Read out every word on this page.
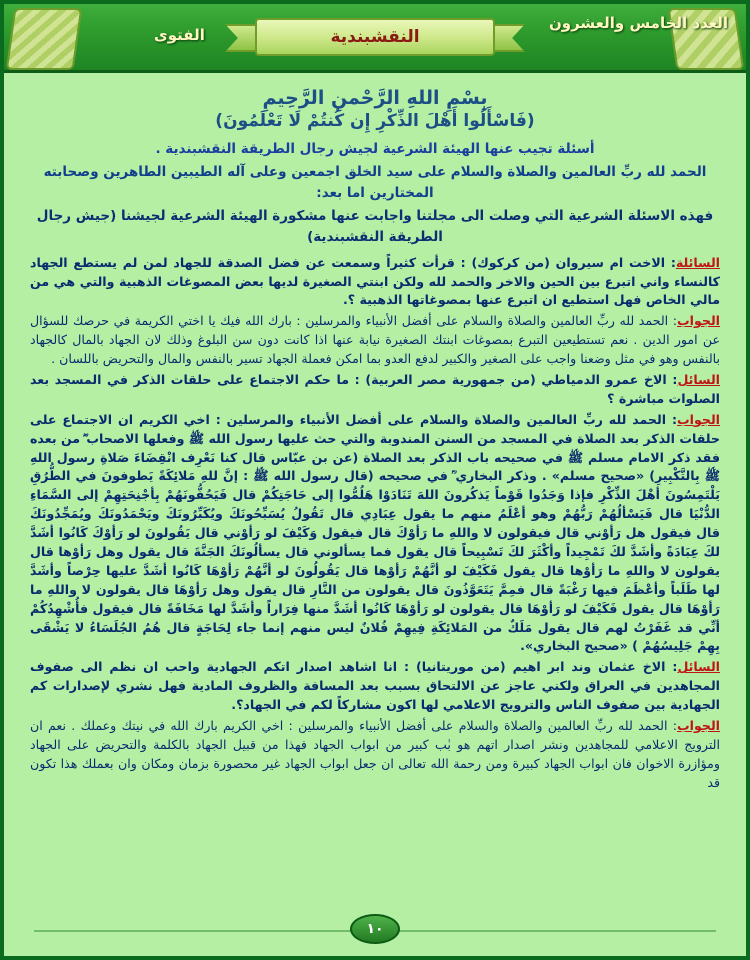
العدد الخامس والعشرون
الفتوى	النقشبندية
بِسْمِ اللهِ الرَّحْمنِ الرَّحِيمِ
(فَاسْأَلُوا أَهْلَ الذِّكْرِ إِن كُنتُمْ لَا تَعْلَمُونَ)
أسئلة تجيب عنها الهيئة الشرعية لجيش رجال الطريقة النقشبندية .
الحمد لله ربِّ العالمين والصلاة والسلام على سيد الخلق اجمعين وعلى آله الطيبين الطاهرين وصحابته المختارين اما بعد:
فهذه الاسئلة الشرعية التي وصلت الى مجلتنا واجابت عنها مشكورة الهيئة الشرعية لجيشنا (جيش رجال الطريقة النقشبندية)
السائلة: الاخت ام سيروان (من كركوك) : قرأت كثيراً وسمعت عن فضل الصدقة للجهاد لمن لم يستطع الجهاد كالنساء واني اتبرع بين الحين والاخر والحمد لله ولكن ابنتي الصغيرة لديها بعض المصوغات الذهبية والتي هي من مالي الخاص فهل استطيع ان اتبرع عنها بمصوغاتها الذهبية ؟.
الجواب: الحمد لله ربِّ العالمين والصلاة والسلام على أفضل الأنبياء والمرسلين : بارك الله فيك يا اختي الكريمة في حرصك للسؤال عن امور الدين . نعم تستطيعين التبرع بمصوغات ابنتك الصغيرة نيابة عنها اذا كانت دون سن البلوغ وذلك لان الجهاد بالمال كالجهاد بالنفس وهو في مثل وضعنا واجب على الصغير والكبير لدفع العدو بما امكن فعملة الجهاد تسير بالنفس والمال والتحريض باللسان .
السائل: الاخ عمرو الدمياطي (من جمهورية مصر العربية) : ما حكم الاجتماع على حلقات الذكر في المسجد بعد الصلوات مباشرة ؟
الجواب: الحمد لله ربِّ العالمين والصلاة والسلام على أفضل الأنبياء والمرسلين : اخي الكريم ان الاجتماع على حلقات الذكر بعد الصلاة في المسجد من السنن المندوبة والتي حث عليها رسول الله ﷺ وفعلها الاصحاب ؓ من بعده فقد ذكر الامام مسلم ﷺ في صحيحه باب الذكر بعد الصلاة (عن بن عبّاس قال كنا نَعْرِف انْقِضَاءَ صَلاةِ رسول اللهِ ﷺ بِالتَّكْبِيرِ) «صحيح مسلم» . وذكر البخاري ؒ في صحيحه (قال رسول الله ﷺ : إنَّ للهِ مَلائِكَةً يَطوفونَ في الطُّرُقِ يَلْتَمِسُونَ أهْلَ الذِّكْرِ فإذا وَجَدُوا قَوْماً يَذكُرونَ اللهَ تَنَادَوْا هَلُمُّوا إلى حَاجَتِكُمْ قال فَيَحُفُّونَهُمْ بِأجْنِحَتِهِمْ إلى السَّمَاءِ الدُّنْيَا قال فَيَسْألُهُمْ رَبُّهُمْ وهو أعْلَمُ منهم ما يقول عِبَادِي قال تَقُولُ يُسَبِّحُونَكَ ويُكَبِّرُونَكَ ويَحْمَدُونَكَ ويُمَجِّدُونَكَ قال فيقول هل رَأوْني قال فيقولون لا واللهِ ما رَأوْكَ قال فيقول وَكَيْفَ لو رَأوْني قال يَقُولونَ لو رَأوْكَ كَانُوا أشَدَّ لكَ عِبَادَةً وأشَدَّ لكَ تَمْجِيداً وأكْثَرَ لكَ تَسْبِيحاً قال يقول فما يسألوني قال يسألُونَكَ الجَنَّةَ قال يقول وهل رَأوْها قال يقولون لا واللهِ ما رَأوْها قال يقول فَكَيْفَ لو أنَّهُمْ رَأوْها قال يَقُولُونَ لو أنَّهُمْ رَأوْهَا كَانُوا أشَدَّ عليها حِرْصاً وأشَدَّ لها طَلَباً وأعْظَمَ فيها رَغْبَةً قال فمِمَّ يَتَعَوَّذُونَ قال يقولون من النَّارِ قال يقول وهل رَأوْهَا قال يقولون لا واللهِ ما رَأوْهَا قال يقول فَكَيْفَ لو رَأوْهَا قال يقولون لو رَأوْهَا كَانُوا أشَدَّ منها فِرَاراً وأشَدَّ لها مَخَافَةً قال فيقول فأُشْهِدُكُمْ أنِّي قد غَفَرْتُ لهم قال يقول مَلَكٌ من المَلائِكَةِ فِيهِمْ فُلانٌ ليس منهم إنما جاء لِحَاجَةٍ قال هُمُ الجُلَسَاءُ لا يَشْقَى بِهِمْ جَلِيسُهُمْ ) «صحيح البخاري».
السائل: الاخ عثمان وند ابر اهيم (من موريتانيا) : انا اشاهد اصدار اتكم الجهادية واحب ان نظم الى صفوف المجاهدين في العراق ولكني عاجز عن الالتحاق بسبب بعد المسافة والظروف المادية فهل نشري لإصدارات كم الجهادية بين صفوف الناس والترويج الاعلامي لها اكون مشاركاً لكم في الجهاد؟.
الجواب: الحمد لله ربِّ العالمين والصلاة والسلام على أفضل الأنبياء والمرسلين : اخي الكريم بارك الله في نيتك وعملك . نعم ان الترويج الاعلامي للمجاهدين ونشر اصدار اتهم هو بٰب كبير من ابواب الجهاد فهذا من قبيل الجهاد بالكلمة والتحريض على الجهاد ومؤازرة الاخوان فان ابواب الجهاد كبيرة ومن رحمة الله تعالى ان جعل ابواب الجهاد غير محصورة بزمان ومكان وان بعملك هذا تكون قد
١٠
